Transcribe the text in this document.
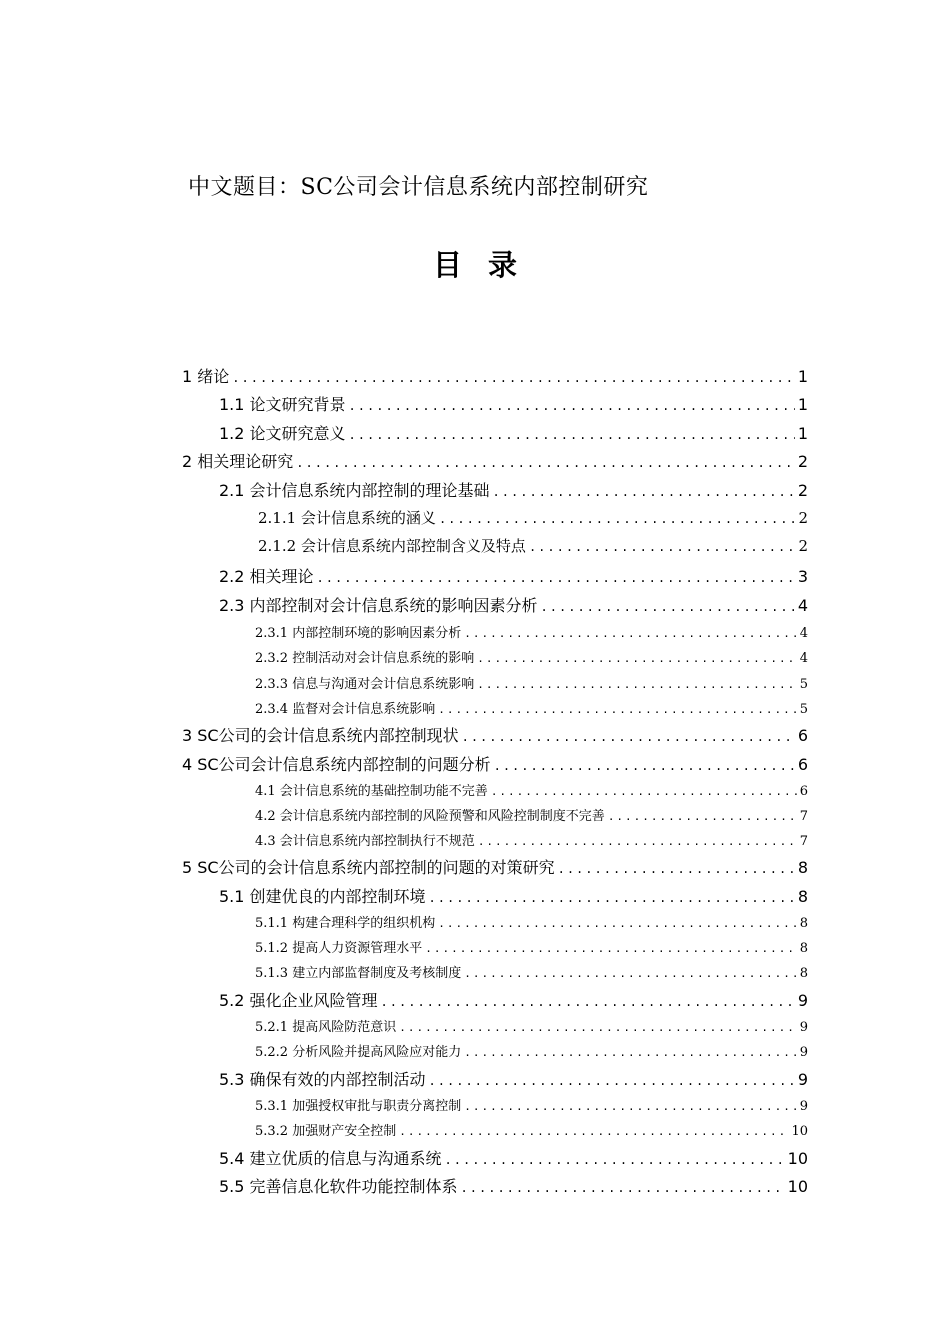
中文题目：SC公司会计信息系统内部控制研究
目 录
1 绪论 .....	1
1.1 论文研究背景 .....	1
1.2 论文研究意义 .....	1
2 相关理论研究 .....	2
2.1 会计信息系统内部控制的理论基础 .....	2
2.1.1 会计信息系统的涵义 .....	2
2.1.2 会计信息系统内部控制含义及特点 .....	2
2.2 相关理论 .....	3
2.3 内部控制对会计信息系统的影响因素分析 .....	4
2.3.1 内部控制环境的影响因素分析 .....	4
2.3.2 控制活动对会计信息系统的影响 .....	4
2.3.3 信息与沟通对会计信息系统影响 .....	5
2.3.4 监督对会计信息系统影响 .....	5
3 SC公司的会计信息系统内部控制现状 .....	6
4 SC公司会计信息系统内部控制的问题分析 .....	6
4.1 会计信息系统的基础控制功能不完善 .....	6
4.2 会计信息系统内部控制的风险预警和风险控制制度不完善 .....	7
4.3 会计信息系统内部控制执行不规范 .....	7
5 SC公司的会计信息系统内部控制的问题的对策研究 .....	8
5.1 创建优良的内部控制环境 .....	8
5.1.1 构建合理科学的组织机构 .....	8
5.1.2 提高人力资源管理水平 .....	8
5.1.3 建立内部监督制度及考核制度 .....	8
5.2 强化企业风险管理 .....	9
5.2.1 提高风险防范意识 .....	9
5.2.2 分析风险并提高风险应对能力 .....	9
5.3 确保有效的内部控制活动 .....	9
5.3.1 加强授权审批与职责分离控制 .....	9
5.3.2 加强财产安全控制 .....	10
5.4 建立优质的信息与沟通系统 .....	10
5.5 完善信息化软件功能控制体系 .....	10
